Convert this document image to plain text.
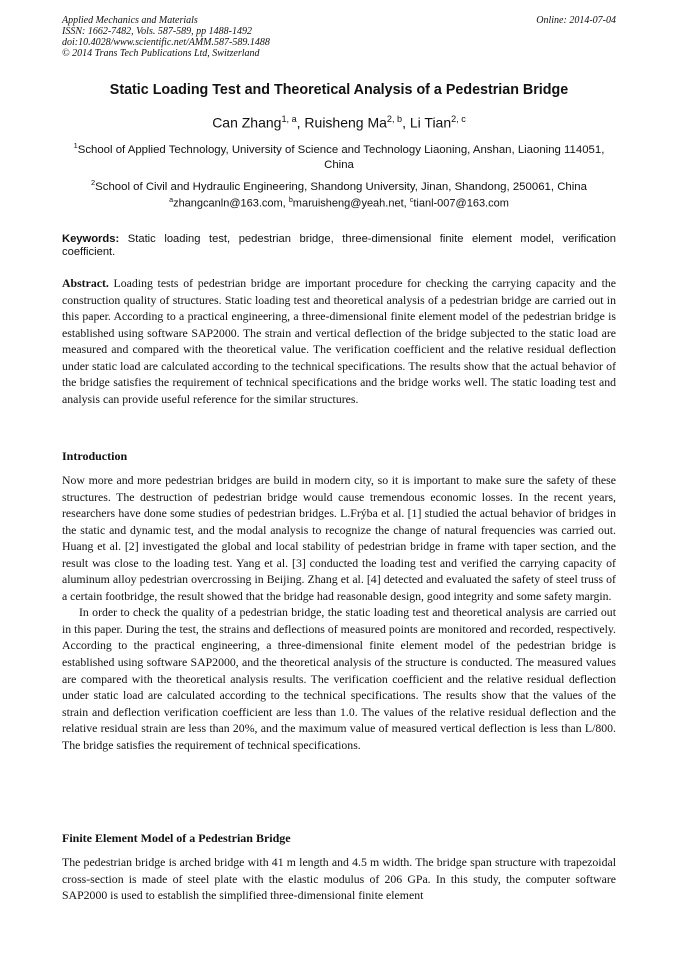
Applied Mechanics and Materials
ISSN: 1662-7482, Vols. 587-589, pp 1488-1492
doi:10.4028/www.scientific.net/AMM.587-589.1488
© 2014 Trans Tech Publications Ltd, Switzerland
Online: 2014-07-04
Static Loading Test and Theoretical Analysis of a Pedestrian Bridge
Can Zhang$^{1, a}$, Ruisheng Ma$^{2, b}$, Li Tian$^{2, c}$
$^1$School of Applied Technology, University of Science and Technology Liaoning, Anshan, Liaoning 114051, China
$^2$School of Civil and Hydraulic Engineering, Shandong University, Jinan, Shandong, 250061, China
$^a$zhangcanln@163.com, $^b$maruisheng@yeah.net, $^c$tianl-007@163.com
Keywords: Static loading test, pedestrian bridge, three-dimensional finite element model, verification coefficient.
Abstract. Loading tests of pedestrian bridge are important procedure for checking the carrying capacity and the construction quality of structures. Static loading test and theoretical analysis of a pedestrian bridge are carried out in this paper. According to a practical engineering, a three-dimensional finite element model of the pedestrian bridge is established using software SAP2000. The strain and vertical deflection of the bridge subjected to the static load are measured and compared with the theoretical value. The verification coefficient and the relative residual deflection under static load are calculated according to the technical specifications. The results show that the actual behavior of the bridge satisfies the requirement of technical specifications and the bridge works well. The static loading test and analysis can provide useful reference for the similar structures.
Introduction

Now more and more pedestrian bridges are build in modern city, so it is important to make sure the safety of these structures. The destruction of pedestrian bridge would cause tremendous economic losses. In the recent years, researchers have done some studies of pedestrian bridges. L.Frýba et al. [1] studied the actual behavior of bridges in the static and dynamic test, and the modal analysis to recognize the change of natural frequencies was carried out. Huang et al. [2] investigated the global and local stability of pedestrian bridge in frame with taper section, and the result was close to the loading test. Yang et al. [3] conducted the loading test and verified the carrying capacity of aluminum alloy pedestrian overcrossing in Beijing. Zhang et al. [4] detected and evaluated the safety of steel truss of a certain footbridge, the result showed that the bridge had reasonable design, good integrity and some safety margin.

In order to check the quality of a pedestrian bridge, the static loading test and theoretical analysis are carried out in this paper. During the test, the strains and deflections of measured points are monitored and recorded, respectively. According to the practical engineering, a three-dimensional finite element model of the pedestrian bridge is established using software SAP2000, and the theoretical analysis of the structure is conducted. The measured values are compared with the theoretical analysis results. The verification coefficient and the relative residual deflection under static load are calculated according to the technical specifications. The results show that the values of the strain and deflection verification coefficient are less than 1.0. The values of the relative residual deflection and the relative residual strain are less than 20%, and the maximum value of measured vertical deflection is less than L/800. The bridge satisfies the requirement of technical specifications.

Finite Element Model of a Pedestrian Bridge

The pedestrian bridge is arched bridge with 41 m length and 4.5 m width. The bridge span structure with trapezoidal cross-section is made of steel plate with the elastic modulus of 206 GPa. In this study, the computer software SAP2000 is used to establish the simplified three-dimensional finite element
